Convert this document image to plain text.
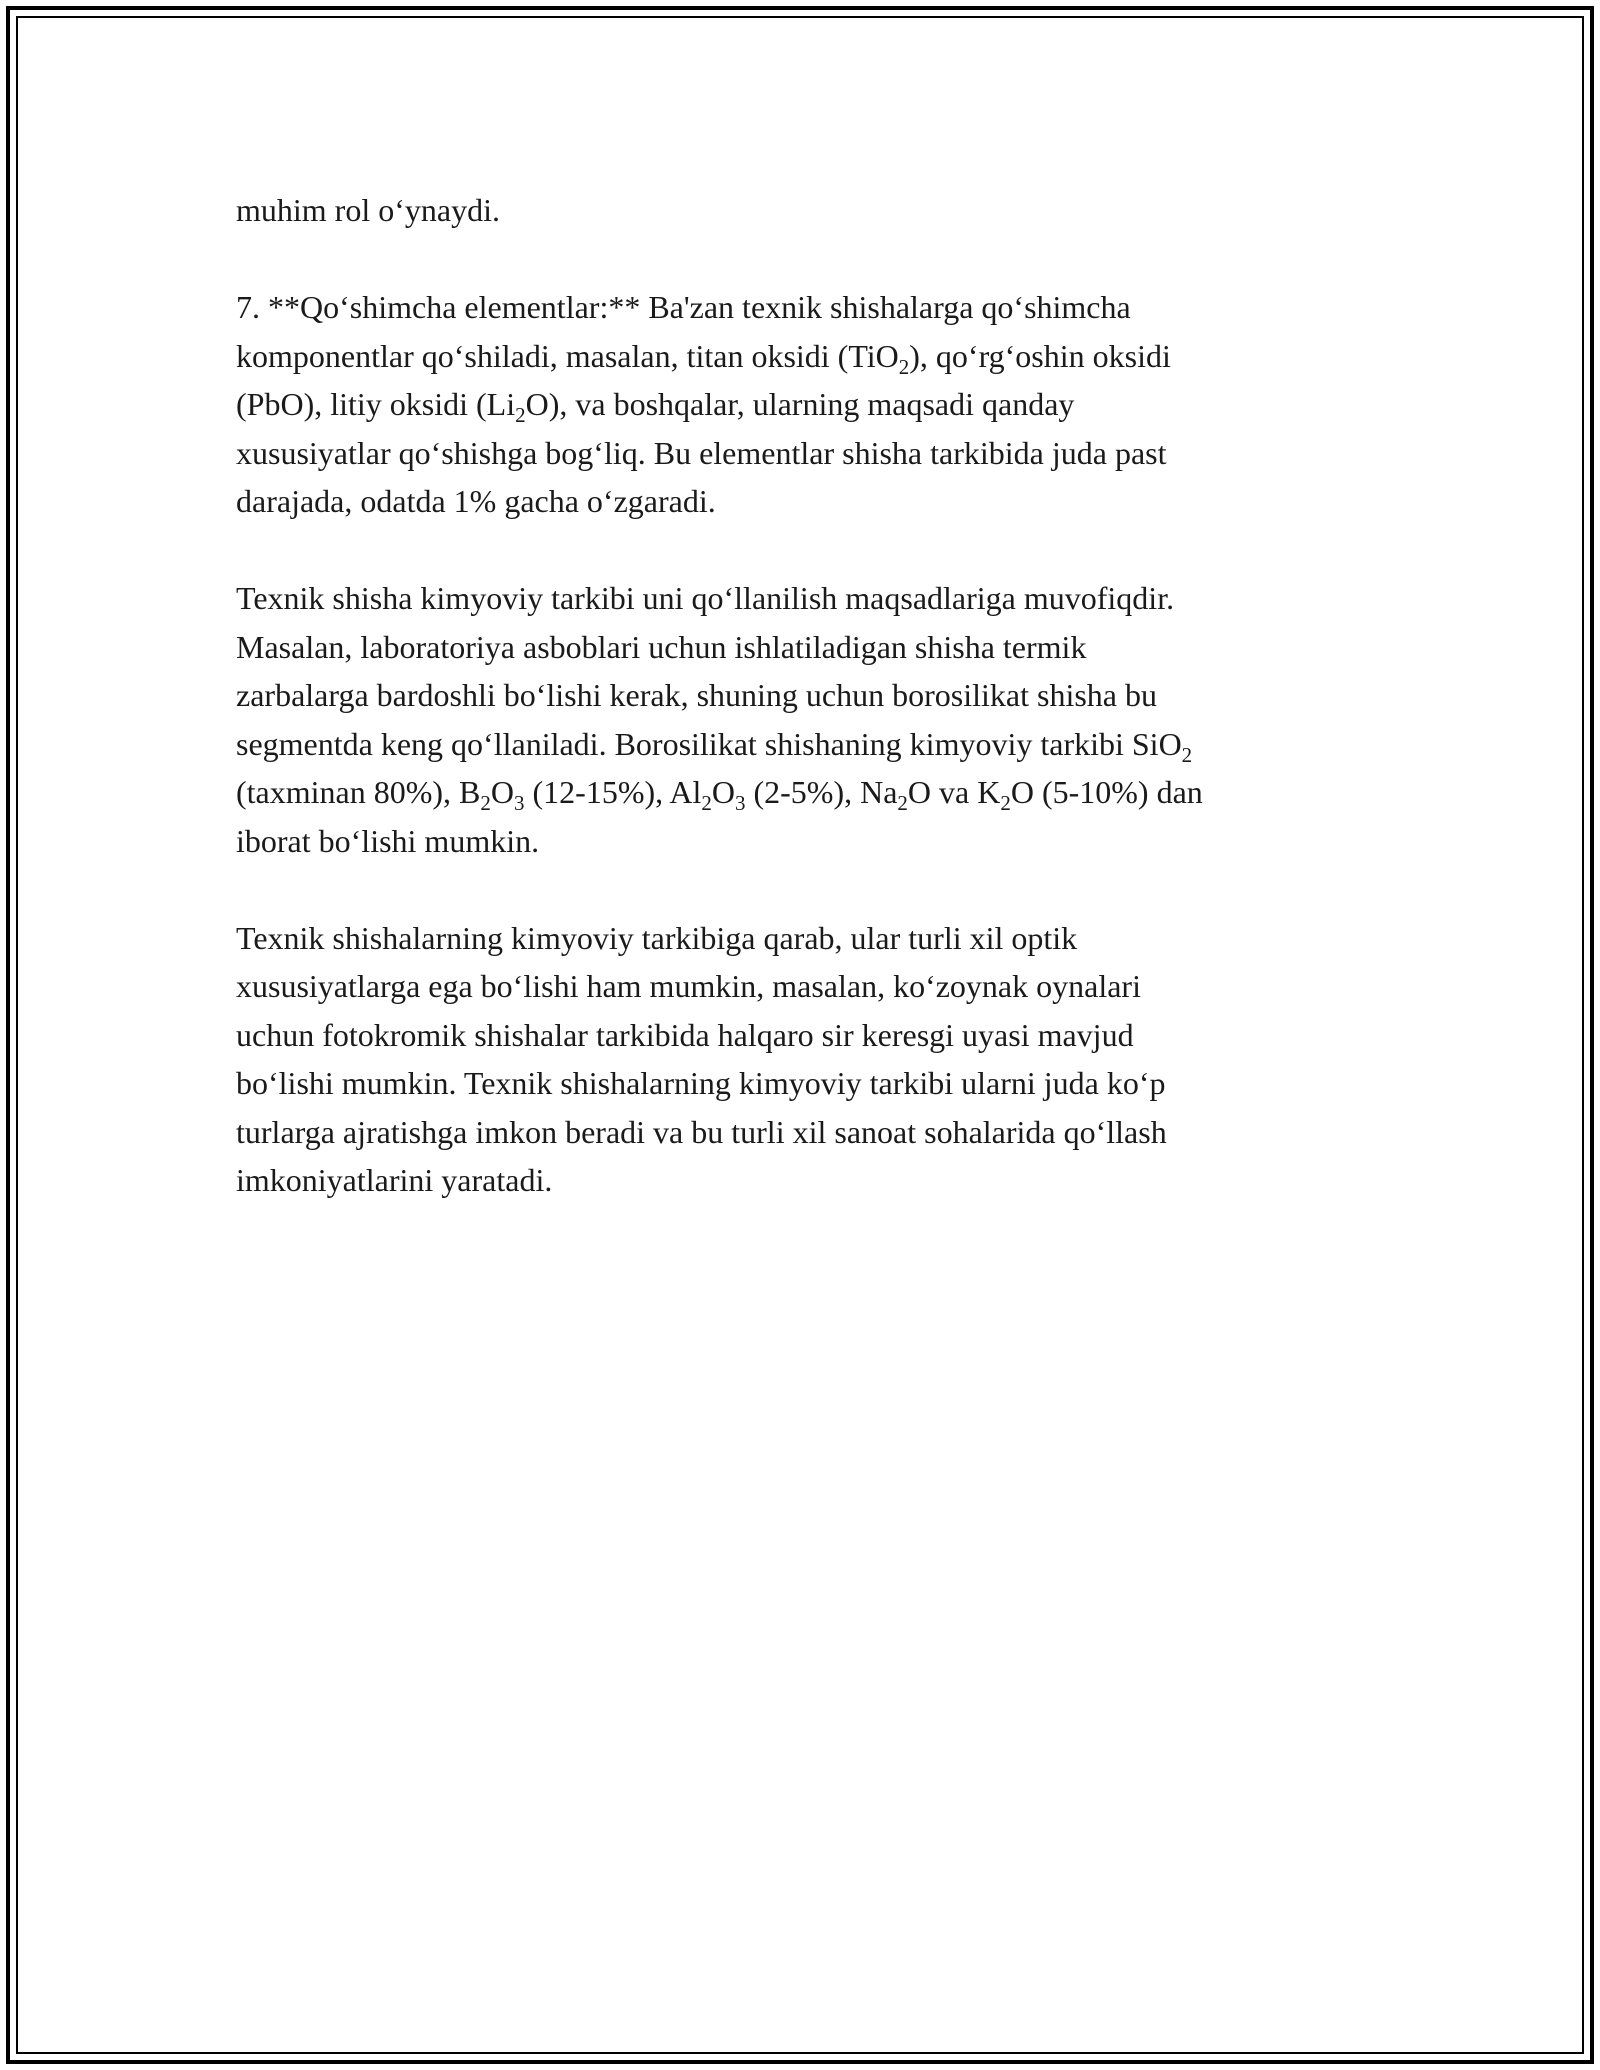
muhim rol o‘ynaydi.
7. **Qo‘shimcha elementlar:** Ba'zan texnik shishalarga qo‘shimcha
komponentlar qo‘shiladi, masalan, titan oksidi (TiO$_2$), qo‘rg‘oshin oksidi
(PbO), litiy oksidi $(Li_2O)$, va boshqalar, ularning maqsadi qanday
xususiyatlar qo‘shishga bog‘liq. Bu elementlar shisha tarkibida juda past
darajada, odatda 1% gacha o‘zgaradi.
Texnik shisha kimyoviy tarkibi uni qo‘llanilish maqsadlariga muvofiqdir.
Masalan, laboratoriya asboblari uchun ishlatiladigan shisha termik
zarbalarga bardoshli bo‘lishi kerak, shuning uchun borosilikat shisha bu
segmentda keng qo‘llaniladi. Borosilikat shishaning kimyoviy tarkibi SiO$_2$
(taxminan 80%), $B_2O_3$ (12-15%), $Al_2O_3$ (2-5%), $Na_2O$ va $K_2O$ (5-10%) dan
iborat bo‘lishi mumkin.
Texnik shishalarning kimyoviy tarkibiga qarab, ular turli xil optik
xususiyatlarga ega bo‘lishi ham mumkin, masalan, ko‘zoynak oynalari
uchun fotokromik shishalar tarkibida halqaro sir keresgi uyasi mavjud
bo‘lishi mumkin. Texnik shishalarning kimyoviy tarkibi ularni juda ko‘p
turlarga ajratishga imkon beradi va bu turli xil sanoat sohalarida qo‘llash
imkoniyatlarini yaratadi.
